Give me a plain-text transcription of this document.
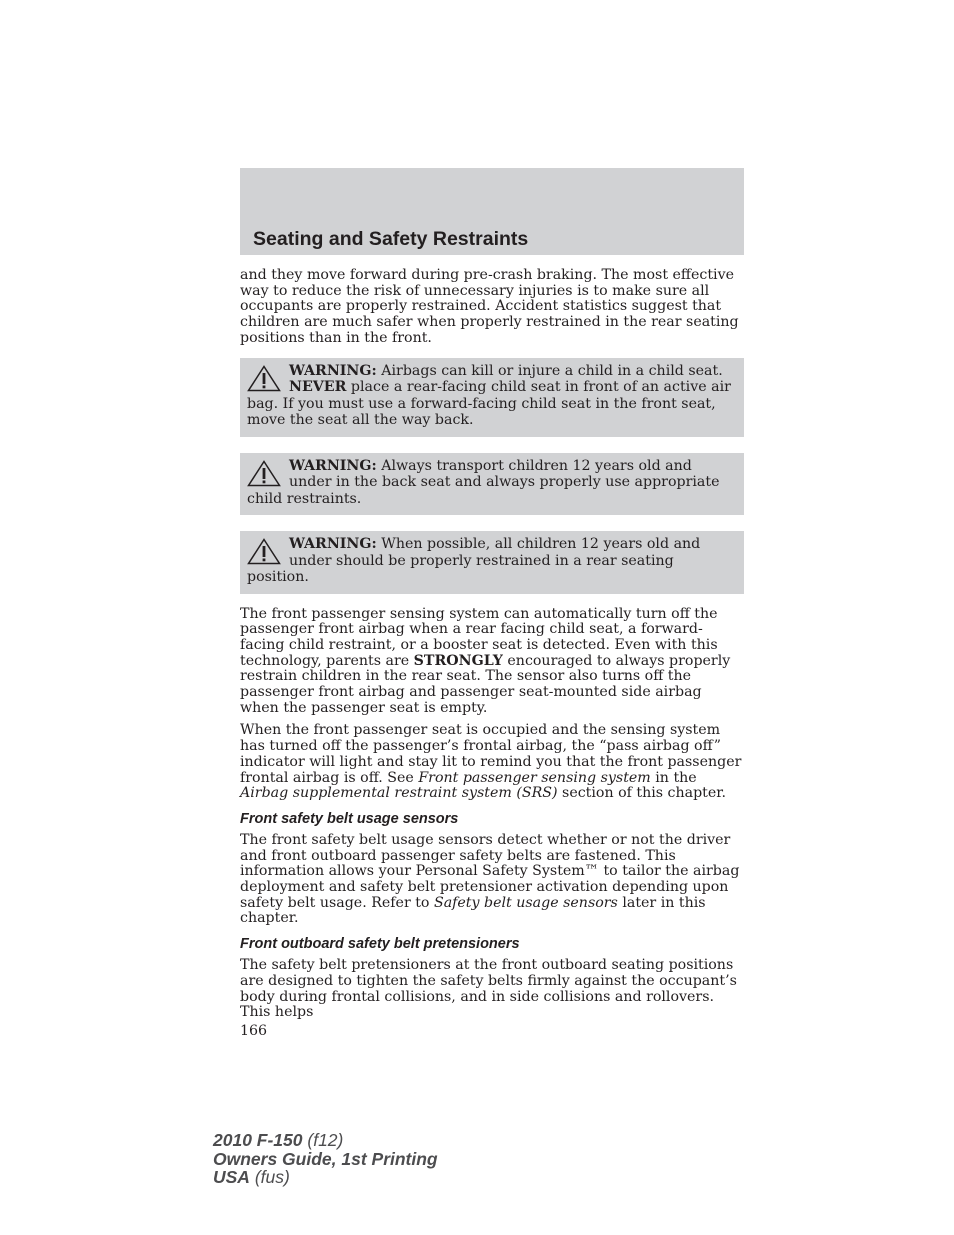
Seating and Safety Restraints

and they move forward during pre-crash braking. The most effective way to reduce the risk of unnecessary injuries is to make sure all occupants are properly restrained. Accident statistics suggest that children are much safer when properly restrained in the rear seating positions than in the front.

WARNING: Airbags can kill or injure a child in a child seat. NEVER place a rear-facing child seat in front of an active air bag. If you must use a forward-facing child seat in the front seat, move the seat all the way back.

WARNING: Always transport children 12 years old and under in the back seat and always properly use appropriate child restraints.

WARNING: When possible, all children 12 years old and under should be properly restrained in a rear seating position.

The front passenger sensing system can automatically turn off the passenger front airbag when a rear facing child seat, a forward-facing child restraint, or a booster seat is detected. Even with this technology, parents are STRONGLY encouraged to always properly restrain children in the rear seat. The sensor also turns off the passenger front airbag and passenger seat-mounted side airbag when the passenger seat is empty.

When the front passenger seat is occupied and the sensing system has turned off the passenger’s frontal airbag, the “pass airbag off” indicator will light and stay lit to remind you that the front passenger frontal airbag is off. See Front passenger sensing system in the Airbag supplemental restraint system (SRS) section of this chapter.

Front safety belt usage sensors

The front safety belt usage sensors detect whether or not the driver and front outboard passenger safety belts are fastened. This information allows your Personal Safety System™ to tailor the airbag deployment and safety belt pretensioner activation depending upon safety belt usage. Refer to Safety belt usage sensors later in this chapter.

Front outboard safety belt pretensioners

The safety belt pretensioners at the front outboard seating positions are designed to tighten the safety belts firmly against the occupant’s body during frontal collisions, and in side collisions and rollovers. This helps

166

2010 F-150 (f12)
Owners Guide, 1st Printing
USA (fus)
